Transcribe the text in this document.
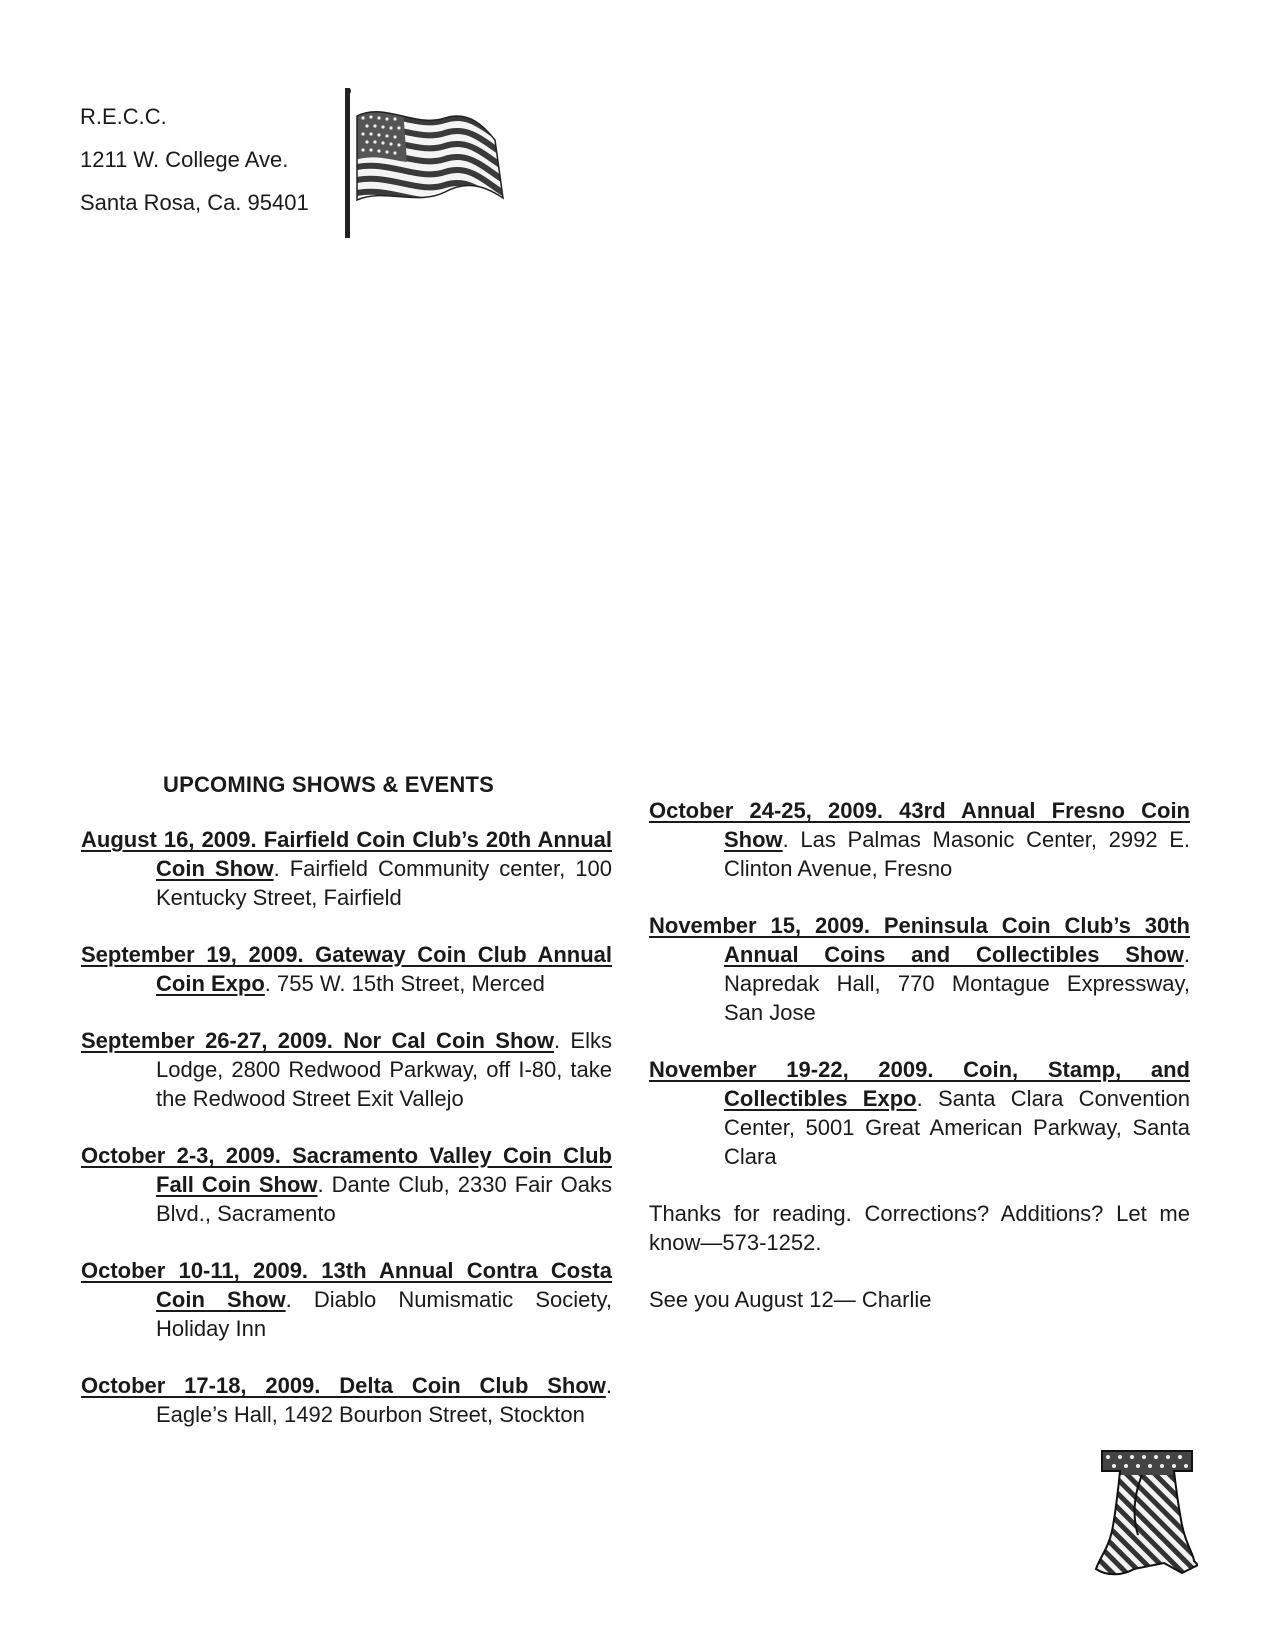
R.E.C.C.
1211 W. College Ave.
Santa Rosa, Ca. 95401
UPCOMING SHOWS & EVENTS

August 16, 2009. Fairfield Coin Club’s 20th Annual Coin Show. Fairfield Community center, 100 Kentucky Street, Fairfield

September 19, 2009. Gateway Coin Club Annual Coin Expo. 755 W. 15th Street, Merced

September 26-27, 2009. Nor Cal Coin Show. Elks Lodge, 2800 Redwood Parkway, off I-80, take the Redwood Street Exit Vallejo

October 2-3, 2009. Sacramento Valley Coin Club Fall Coin Show. Dante Club, 2330 Fair Oaks Blvd., Sacramento

October 10-11, 2009. 13th Annual Contra Costa Coin Show. Diablo Numismatic Society, Holiday Inn

October 17-18, 2009. Delta Coin Club Show. Eagle’s Hall, 1492 Bourbon Street, Stockton

October 24-25, 2009. 43rd Annual Fresno Coin Show. Las Palmas Masonic Center, 2992 E. Clinton Avenue, Fresno

November 15, 2009. Peninsula Coin Club’s 30th Annual Coins and Collectibles Show. Napredak Hall, 770 Montague Expressway, San Jose

November 19-22, 2009. Coin, Stamp, and Collectibles Expo. Santa Clara Convention Center, 5001 Great American Parkway, Santa Clara

Thanks for reading. Corrections? Additions? Let me know—573-1252.

See you August 12— Charlie
